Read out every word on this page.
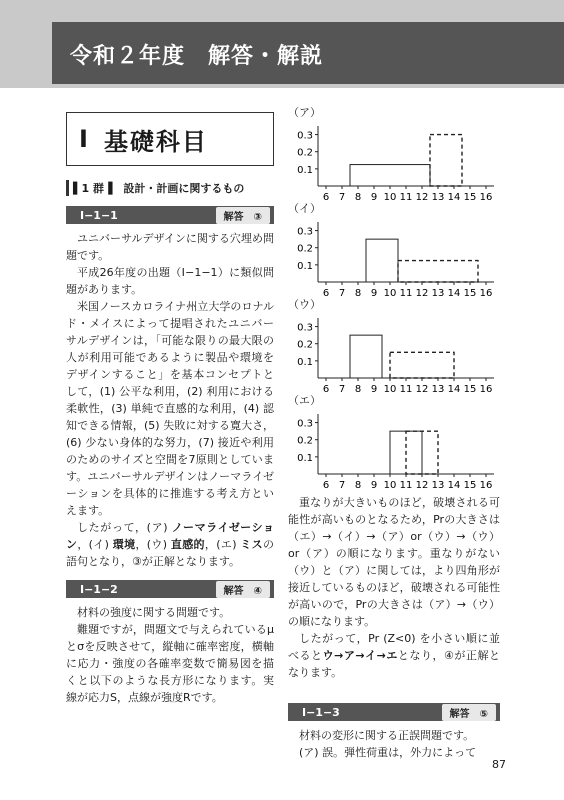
令和２年度　解答・解説
Ⅰ 基礎科目
▌1 群▐　設計・計画に関するもの
Ⅰ−1−1	解答　③

ユニバーサルデザインに関する穴埋め問題です。

平成26年度の出題（Ⅰ−1−1）に類似問題があります。

米国ノースカロライナ州立大学のロナルド・メイスによって提唱されたユニバーサルデザインは，「可能な限りの最大限の人が利用可能であるように製品や環境をデザインすること」を基本コンセプトとして，(1) 公平な利用，(2) 利用における柔軟性，(3) 単純で直感的な利用，(4) 認知できる情報，(5) 失敗に対する寛大さ，(6) 少ない身体的な努力，(7) 接近や利用のためのサイズと空間を7原則としています。ユニバーサルデザインはノーマライゼーションを具体的に推進する考え方といえます。

したがって，(ア) ノーマライゼーション，(イ) 環境，(ウ) 直感的，(エ) ミスの語句となり，③が正解となります。

Ⅰ−1−2	解答　④

材料の強度に関する問題です。

難題ですが，問題文で与えられているμとσを反映させて，縦軸に確率密度，横軸に応力・強度の各確率変数で簡易図を描くと以下のような長方形になります。実線が応力S，点線が強度Rです。

（ア）
0.3
0.2
0.1
6 7 8 9 10 11 12 13 14 15 16
（イ）
0.3
0.2
0.1
6 7 8 9 10 11 12 13 14 15 16
（ウ）
0.3
0.2
0.1
6 7 8 9 10 11 12 13 14 15 16
（エ）
0.3
0.2
0.1
6 7 8 9 10 11 12 13 14 15 16

重なりが大きいものほど，破壊される可能性が高いものとなるため，Prの大きさは（エ）→（イ）→（ア）or（ウ）→（ウ）or（ア）の順になります。重なりがない（ウ）と（ア）に関しては，より四角形が接近しているものほど，破壊される可能性が高いので，Prの大きさは（ア）→（ウ）の順になります。

したがって，Pr (Z<0) を小さい順に並べるとウ→ア→イ→エとなり，④が正解となります。

Ⅰ−1−3	解答　⑤

材料の変形に関する正誤問題です。

(ア) 誤。弾性荷重は，外力によって

87
